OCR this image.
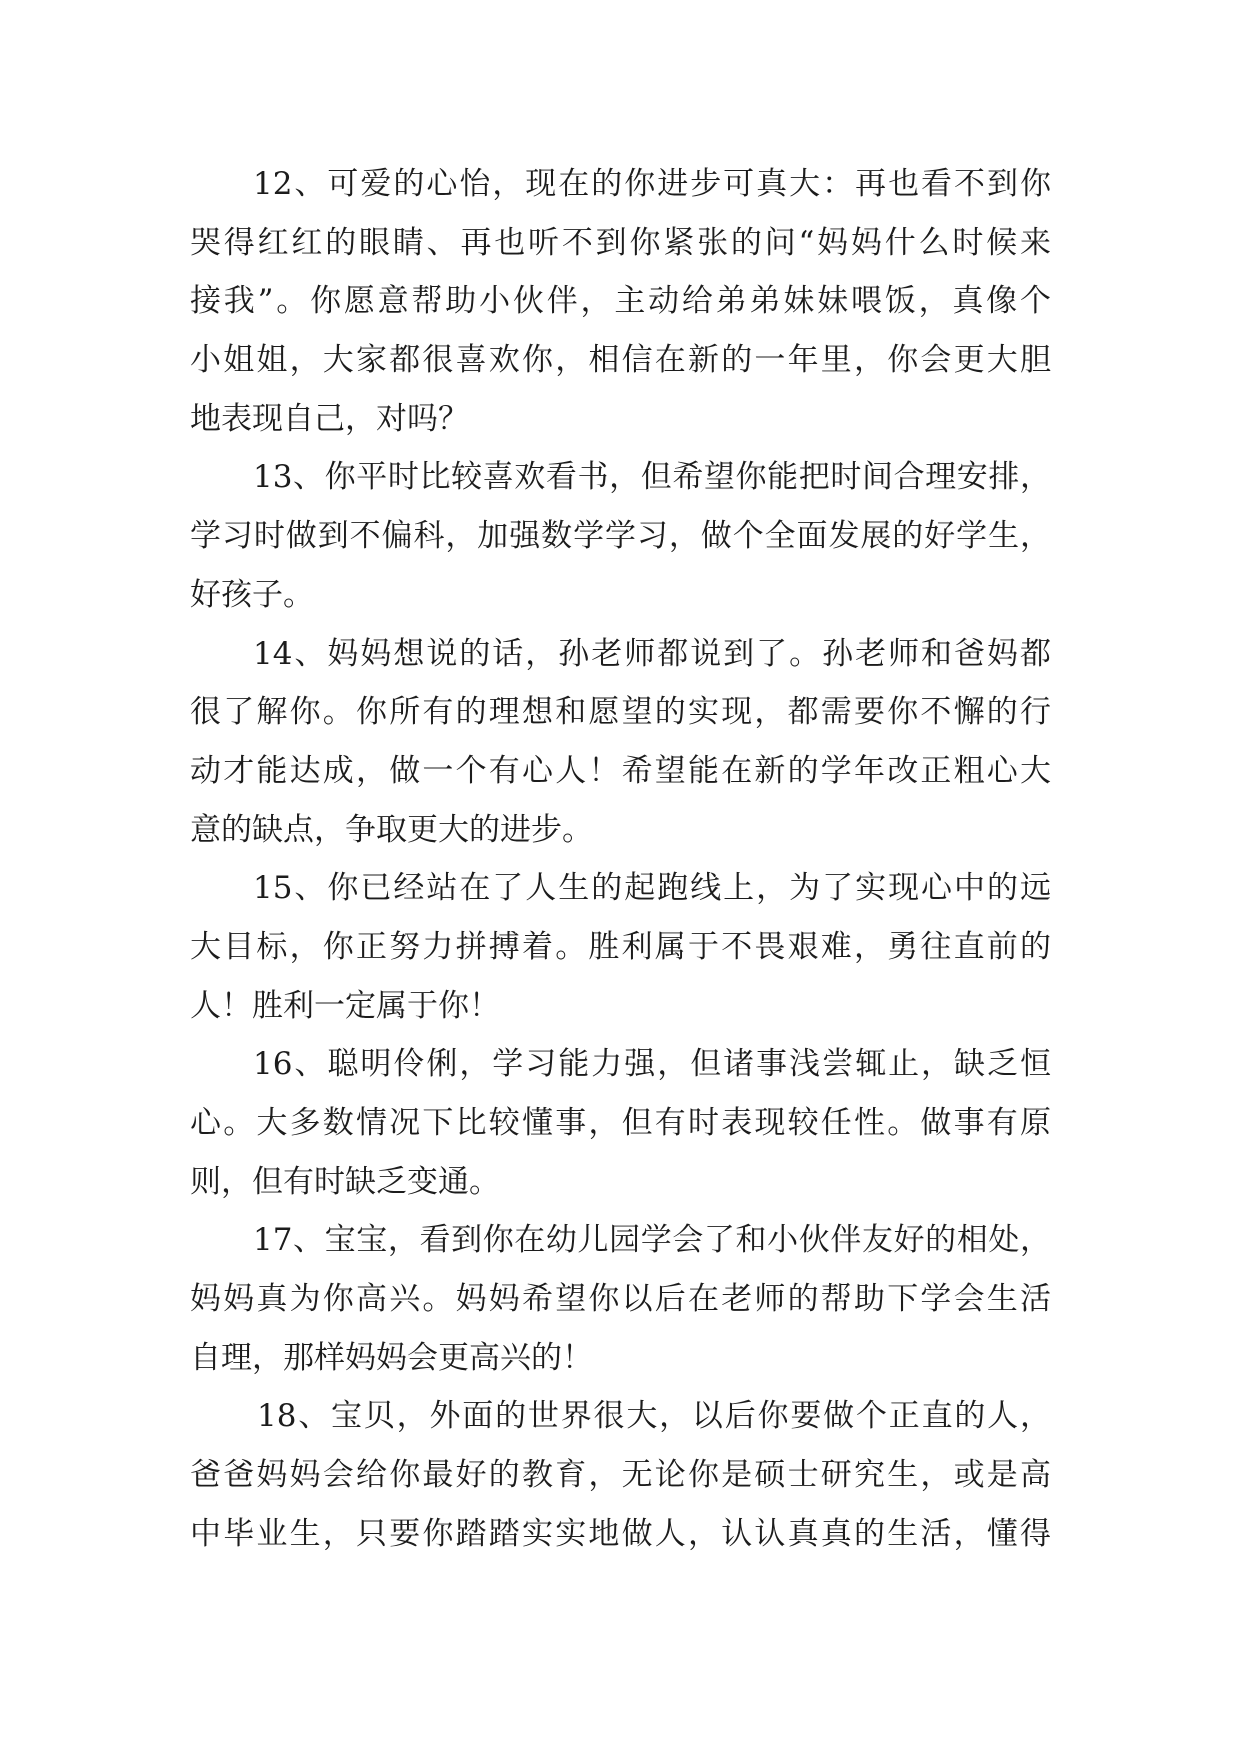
12、可爱的心怡，现在的你进步可真大：再也看不到你
哭得红红的眼睛、再也听不到你紧张的问“妈妈什么时候来
接我”。你愿意帮助小伙伴，主动给弟弟妹妹喂饭，真像个
小姐姐，大家都很喜欢你，相信在新的一年里，你会更大胆
地表现自己，对吗？
13、你平时比较喜欢看书，但希望你能把时间合理安排，
学习时做到不偏科，加强数学学习，做个全面发展的好学生，
好孩子。
14、妈妈想说的话，孙老师都说到了。孙老师和爸妈都
很了解你。你所有的理想和愿望的实现，都需要你不懈的行
动才能达成，做一个有心人！希望能在新的学年改正粗心大
意的缺点，争取更大的进步。
15、你已经站在了人生的起跑线上，为了实现心中的远
大目标，你正努力拼搏着。胜利属于不畏艰难，勇往直前的
人！胜利一定属于你！
16、聪明伶俐，学习能力强，但诸事浅尝辄止，缺乏恒
心。大多数情况下比较懂事，但有时表现较任性。做事有原
则，但有时缺乏变通。
17、宝宝，看到你在幼儿园学会了和小伙伴友好的相处，
妈妈真为你高兴。妈妈希望你以后在老师的帮助下学会生活
自理，那样妈妈会更高兴的！
18、宝贝，外面的世界很大，以后你要做个正直的人，
爸爸妈妈会给你最好的教育，无论你是硕士研究生，或是高
中毕业生，只要你踏踏实实地做人，认认真真的生活，懂得
